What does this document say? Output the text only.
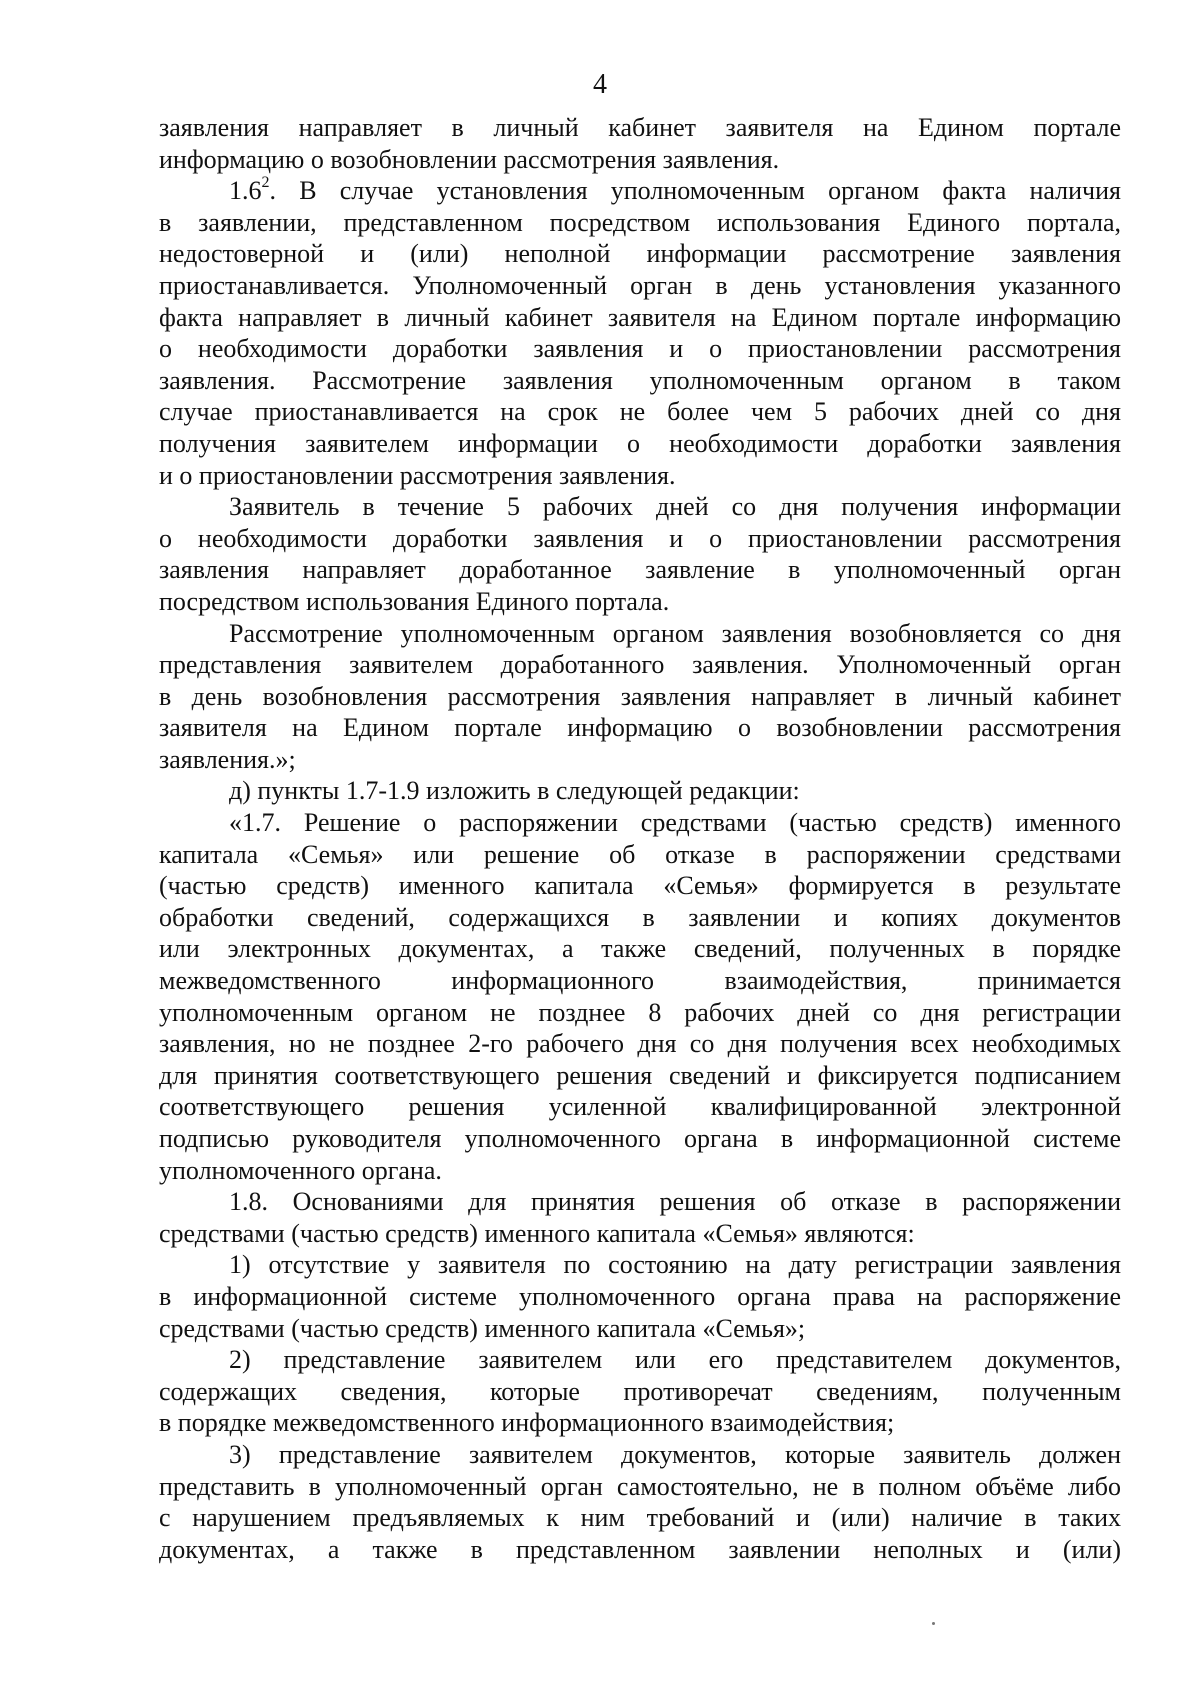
4
заявления направляет в личный кабинет заявителя на Едином портале
информацию о возобновлении рассмотрения заявления.
$1.6^2$. В случае установления уполномоченным органом факта наличия
в заявлении, представленном посредством использования Единого портала,
недостоверной и (или) неполной информации рассмотрение заявления
приостанавливается. Уполномоченный орган в день установления указанного
факта направляет в личный кабинет заявителя на Едином портале информацию
о необходимости доработки заявления и о приостановлении рассмотрения
заявления. Рассмотрение заявления уполномоченным органом в таком
случае приостанавливается на срок не более чем 5 рабочих дней со дня
получения заявителем информации о необходимости доработки заявления
и о приостановлении рассмотрения заявления.
Заявитель в течение 5 рабочих дней со дня получения информации
о необходимости доработки заявления и о приостановлении рассмотрения
заявления направляет доработанное заявление в уполномоченный орган
посредством использования Единого портала.
Рассмотрение уполномоченным органом заявления возобновляется со дня
представления заявителем доработанного заявления. Уполномоченный орган
в день возобновления рассмотрения заявления направляет в личный кабинет
заявителя на Едином портале информацию о возобновлении рассмотрения
заявления.»;
д) пункты 1.7-1.9 изложить в следующей редакции:
«1.7. Решение о распоряжении средствами (частью средств) именного
капитала «Семья» или решение об отказе в распоряжении средствами
(частью средств) именного капитала «Семья» формируется в результате
обработки сведений, содержащихся в заявлении и копиях документов
или электронных документах, а также сведений, полученных в порядке
межведомственного информационного взаимодействия, принимается
уполномоченным органом не позднее 8 рабочих дней со дня регистрации
заявления, но не позднее 2-го рабочего дня со дня получения всех необходимых
для принятия соответствующего решения сведений и фиксируется подписанием
соответствующего решения усиленной квалифицированной электронной
подписью руководителя уполномоченного органа в информационной системе
уполномоченного органа.
1.8. Основаниями для принятия решения об отказе в распоряжении
средствами (частью средств) именного капитала «Семья» являются:
1) отсутствие у заявителя по состоянию на дату регистрации заявления
в информационной системе уполномоченного органа права на распоряжение
средствами (частью средств) именного капитала «Семья»;
2) представление заявителем или его представителем документов,
содержащих сведения, которые противоречат сведениям, полученным
в порядке межведомственного информационного взаимодействия;
3) представление заявителем документов, которые заявитель должен
представить в уполномоченный орган самостоятельно, не в полном объёме либо
с нарушением предъявляемых к ним требований и (или) наличие в таких
документах, а также в представленном заявлении неполных и (или)
